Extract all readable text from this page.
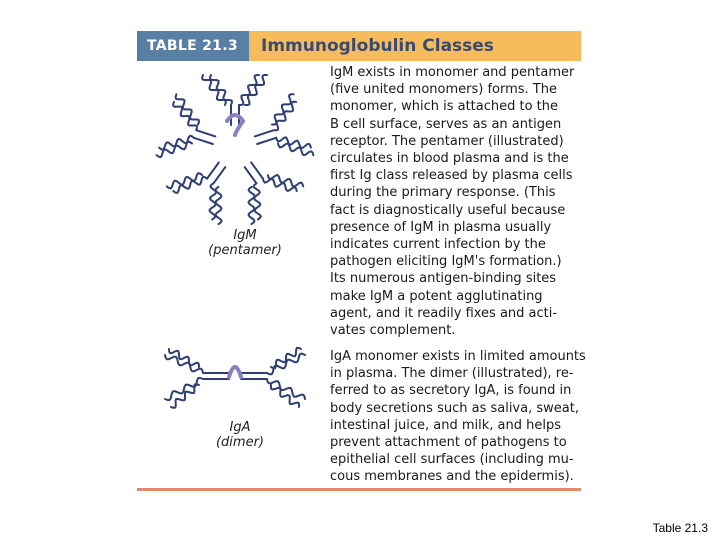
TABLE 21.3	Immunoglobulin Classes
IgM
(pentamer)

IgM exists in monomer and pentamer
(five united monomers) forms. The
monomer, which is attached to the
B cell surface, serves as an antigen
receptor. The pentamer (illustrated)
circulates in blood plasma and is the
first Ig class released by plasma cells
during the primary response. (This
fact is diagnostically useful because
presence of IgM in plasma usually
indicates current infection by the
pathogen eliciting IgM's formation.)
Its numerous antigen-binding sites
make IgM a potent agglutinating
agent, and it readily fixes and acti-
vates complement.

IgA
(dimer)

IgA monomer exists in limited amounts
in plasma. The dimer (illustrated), re-
ferred to as secretory IgA, is found in
body secretions such as saliva, sweat,
intestinal juice, and milk, and helps
prevent attachment of pathogens to
epithelial cell surfaces (including mu-
cous membranes and the epidermis).

Table 21.3
